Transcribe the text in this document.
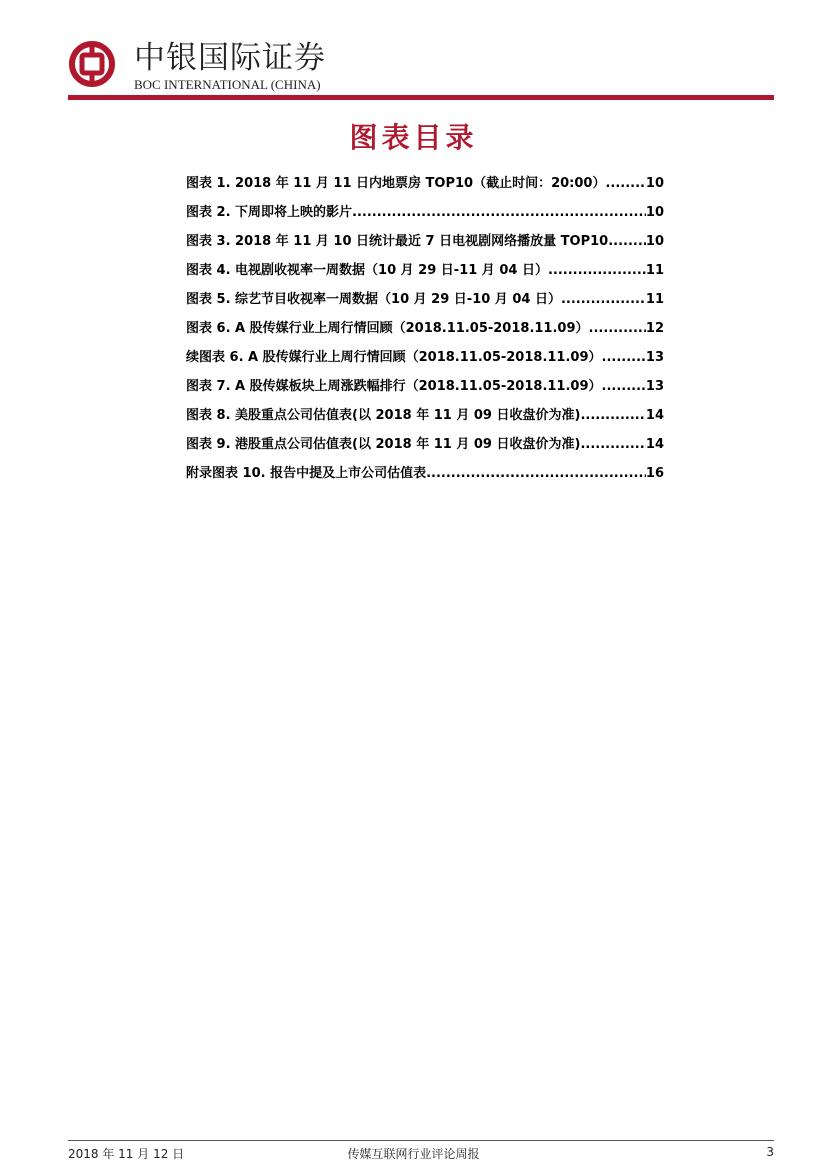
中银国际证券
BOC INTERNATIONAL (CHINA)
图表目录
图表 1. 2018 年 11 月 11 日内地票房 TOP10（截止时间：20:00） .....	10
图表 2. 下周即将上映的影片 .....	10
图表 3. 2018 年 11 月 10 日统计最近 7 日电视剧网络播放量 TOP10 .....	10
图表 4. 电视剧收视率一周数据（10 月 29 日-11 月 04 日） .....	11
图表 5. 综艺节目收视率一周数据（10 月 29 日-10 月 04 日） .....	11
图表 6. A 股传媒行业上周行情回顾（2018.11.05-2018.11.09） .....	12
续图表 6. A 股传媒行业上周行情回顾（2018.11.05-2018.11.09） .....	13
图表 7. A 股传媒板块上周涨跌幅排行（2018.11.05-2018.11.09） .....	13
图表 8. 美股重点公司估值表(以 2018 年 11 月 09 日收盘价为准) .....	14
图表 9. 港股重点公司估值表(以 2018 年 11 月 09 日收盘价为准) .....	14
附录图表 10. 报告中提及上市公司估值表 .....	16
2018 年 11 月 12 日	传媒互联网行业评论周报	3
